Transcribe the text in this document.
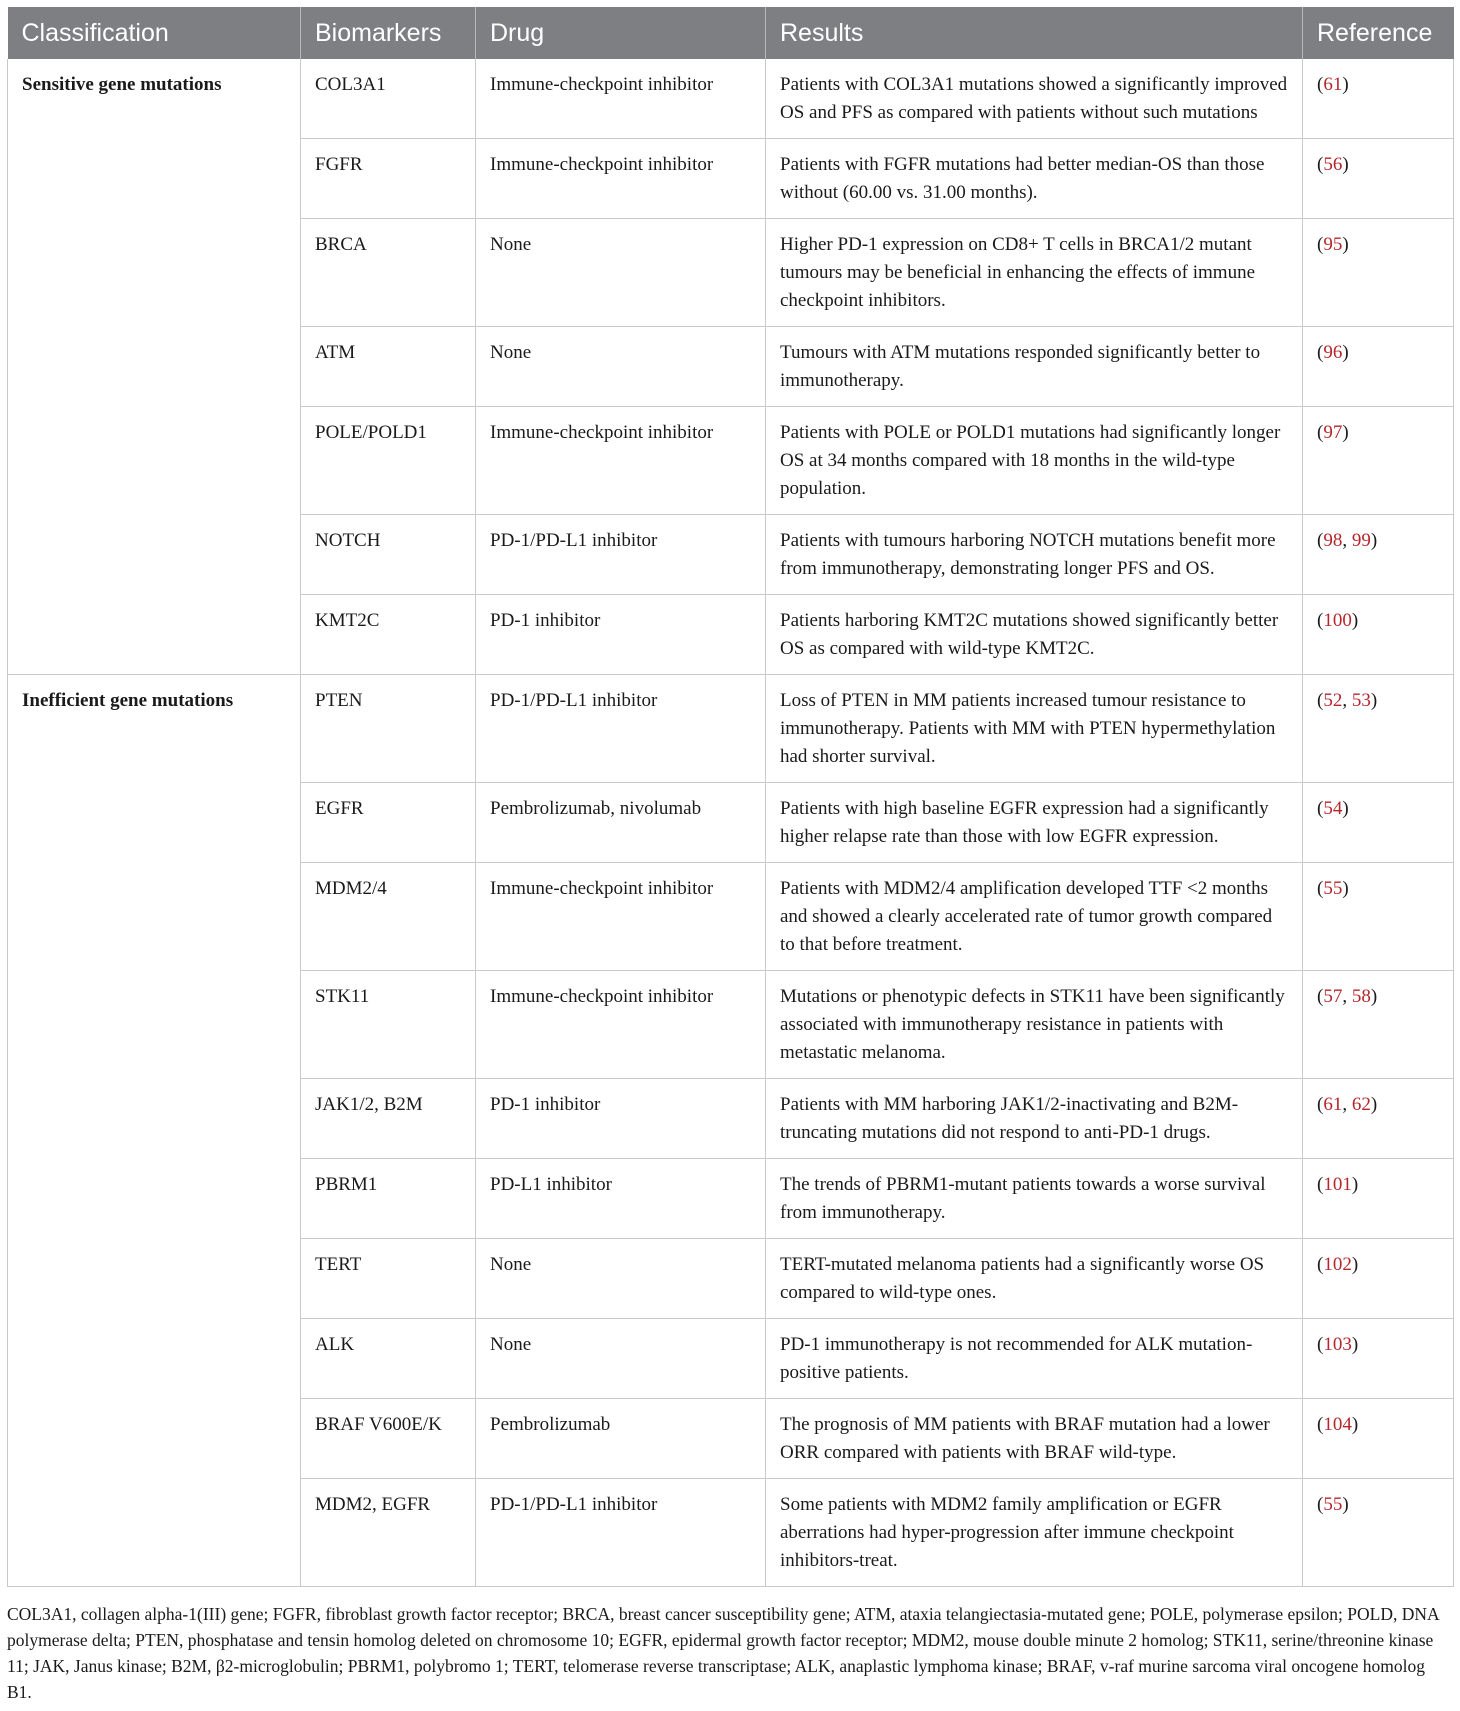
Classification	Biomarkers	Drug	Results	Reference
Sensitive gene mutations	COL3A1	Immune-checkpoint inhibitor	Patients with COL3A1 mutations showed a significantly improved OS and PFS as compared with patients without such mutations	(61)
	FGFR	Immune-checkpoint inhibitor	Patients with FGFR mutations had better median-OS than those without (60.00 vs. 31.00 months).	(56)
	BRCA	None	Higher PD-1 expression on CD8+ T cells in BRCA1/2 mutant tumours may be beneficial in enhancing the effects of immune checkpoint inhibitors.	(95)
	ATM	None	Tumours with ATM mutations responded significantly better to immunotherapy.	(96)
	POLE/POLD1	Immune-checkpoint inhibitor	Patients with POLE or POLD1 mutations had significantly longer OS at 34 months compared with 18 months in the wild-type population.	(97)
	NOTCH	PD-1/PD-L1 inhibitor	Patients with tumours harboring NOTCH mutations benefit more from immunotherapy, demonstrating longer PFS and OS.	(98, 99)
	KMT2C	PD-1 inhibitor	Patients harboring KMT2C mutations showed significantly better OS as compared with wild-type KMT2C.	(100)
Inefficient gene mutations	PTEN	PD-1/PD-L1 inhibitor	Loss of PTEN in MM patients increased tumour resistance to immunotherapy. Patients with MM with PTEN hypermethylation had shorter survival.	(52, 53)
	EGFR	Pembrolizumab, nivolumab	Patients with high baseline EGFR expression had a significantly higher relapse rate than those with low EGFR expression.	(54)
	MDM2/4	Immune-checkpoint inhibitor	Patients with MDM2/4 amplification developed TTF <2 months and showed a clearly accelerated rate of tumor growth compared to that before treatment.	(55)
	STK11	Immune-checkpoint inhibitor	Mutations or phenotypic defects in STK11 have been significantly associated with immunotherapy resistance in patients with metastatic melanoma.	(57, 58)
	JAK1/2, B2M	PD-1 inhibitor	Patients with MM harboring JAK1/2-inactivating and B2M-truncating mutations did not respond to anti-PD-1 drugs.	(61, 62)
	PBRM1	PD-L1 inhibitor	The trends of PBRM1-mutant patients towards a worse survival from immunotherapy.	(101)
	TERT	None	TERT-mutated melanoma patients had a significantly worse OS compared to wild-type ones.	(102)
	ALK	None	PD-1 immunotherapy is not recommended for ALK mutation-positive patients.	(103)
	BRAF V600E/K	Pembrolizumab	The prognosis of MM patients with BRAF mutation had a lower ORR compared with patients with BRAF wild-type.	(104)
	MDM2, EGFR	PD-1/PD-L1 inhibitor	Some patients with MDM2 family amplification or EGFR aberrations had hyper-progression after immune checkpoint inhibitors-treat.	(55)
COL3A1, collagen alpha-1(III) gene; FGFR, fibroblast growth factor receptor; BRCA, breast cancer susceptibility gene; ATM, ataxia telangiectasia-mutated gene; POLE, polymerase epsilon; POLD, DNA polymerase delta; PTEN, phosphatase and tensin homolog deleted on chromosome 10; EGFR, epidermal growth factor receptor; MDM2, mouse double minute 2 homolog; STK11, serine/threonine kinase 11; JAK, Janus kinase; B2M, β2-microglobulin; PBRM1, polybromo 1; TERT, telomerase reverse transcriptase; ALK, anaplastic lymphoma kinase; BRAF, v-raf murine sarcoma viral oncogene homolog B1.
